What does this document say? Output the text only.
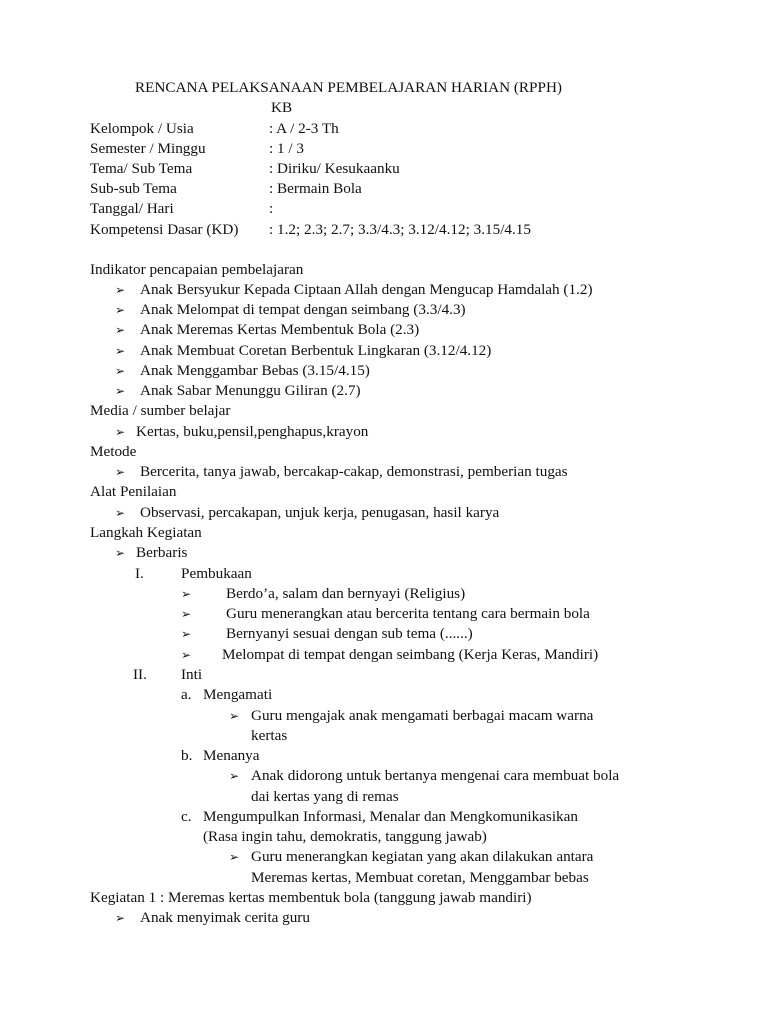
RENCANA PELAKSANAAN PEMBELAJARAN HARIAN (RPPH)
KB
Kelompok / Usia	: A / 2-3 Th
Semester / Minggu	: 1 / 3
Tema/ Sub Tema	: Diriku/ Kesukaanku
Sub-sub Tema	: Bermain Bola
Tanggal/ Hari	:
Kompetensi Dasar (KD) : 1.2; 2.3; 2.7; 3.3/4.3; 3.12/4.12; 3.15/4.15
Indikator pencapaian pembelajaran
➢ Anak Bersyukur Kepada Ciptaan Allah dengan Mengucap Hamdalah (1.2)
➢ Anak Melompat di tempat dengan seimbang (3.3/4.3)
➢ Anak Meremas Kertas Membentuk Bola (2.3)
➢ Anak Membuat Coretan Berbentuk Lingkaran (3.12/4.12)
➢ Anak Menggambar Bebas (3.15/4.15)
➢ Anak Sabar Menunggu Giliran (2.7)
Media / sumber belajar
➢ Kertas, buku,pensil,penghapus,krayon
Metode
➢ Bercerita, tanya jawab, bercakap-cakap, demonstrasi, pemberian tugas
Alat Penilaian
➢ Observasi, percakapan, unjuk kerja, penugasan, hasil karya
Langkah Kegiatan
➢ Berbaris
I. Pembukaan
➢ Berdo’a, salam dan bernyayi (Religius)
➢ Guru menerangkan atau bercerita tentang cara bermain bola
➢ Bernyanyi sesuai dengan sub tema (......)
➢ Melompat di tempat dengan seimbang (Kerja Keras, Mandiri)
II. Inti
a. Mengamati
➢ Guru mengajak anak mengamati berbagai macam warna
kertas
b. Menanya
➢ Anak didorong untuk bertanya mengenai cara membuat bola
dai kertas yang di remas
c. Mengumpulkan Informasi, Menalar dan Mengkomunikasikan
(Rasa ingin tahu, demokratis, tanggung jawab)
➢ Guru menerangkan kegiatan yang akan dilakukan antara
Meremas kertas, Membuat coretan, Menggambar bebas
Kegiatan 1 : Meremas kertas membentuk bola (tanggung jawab mandiri)
➢ Anak menyimak cerita guru
